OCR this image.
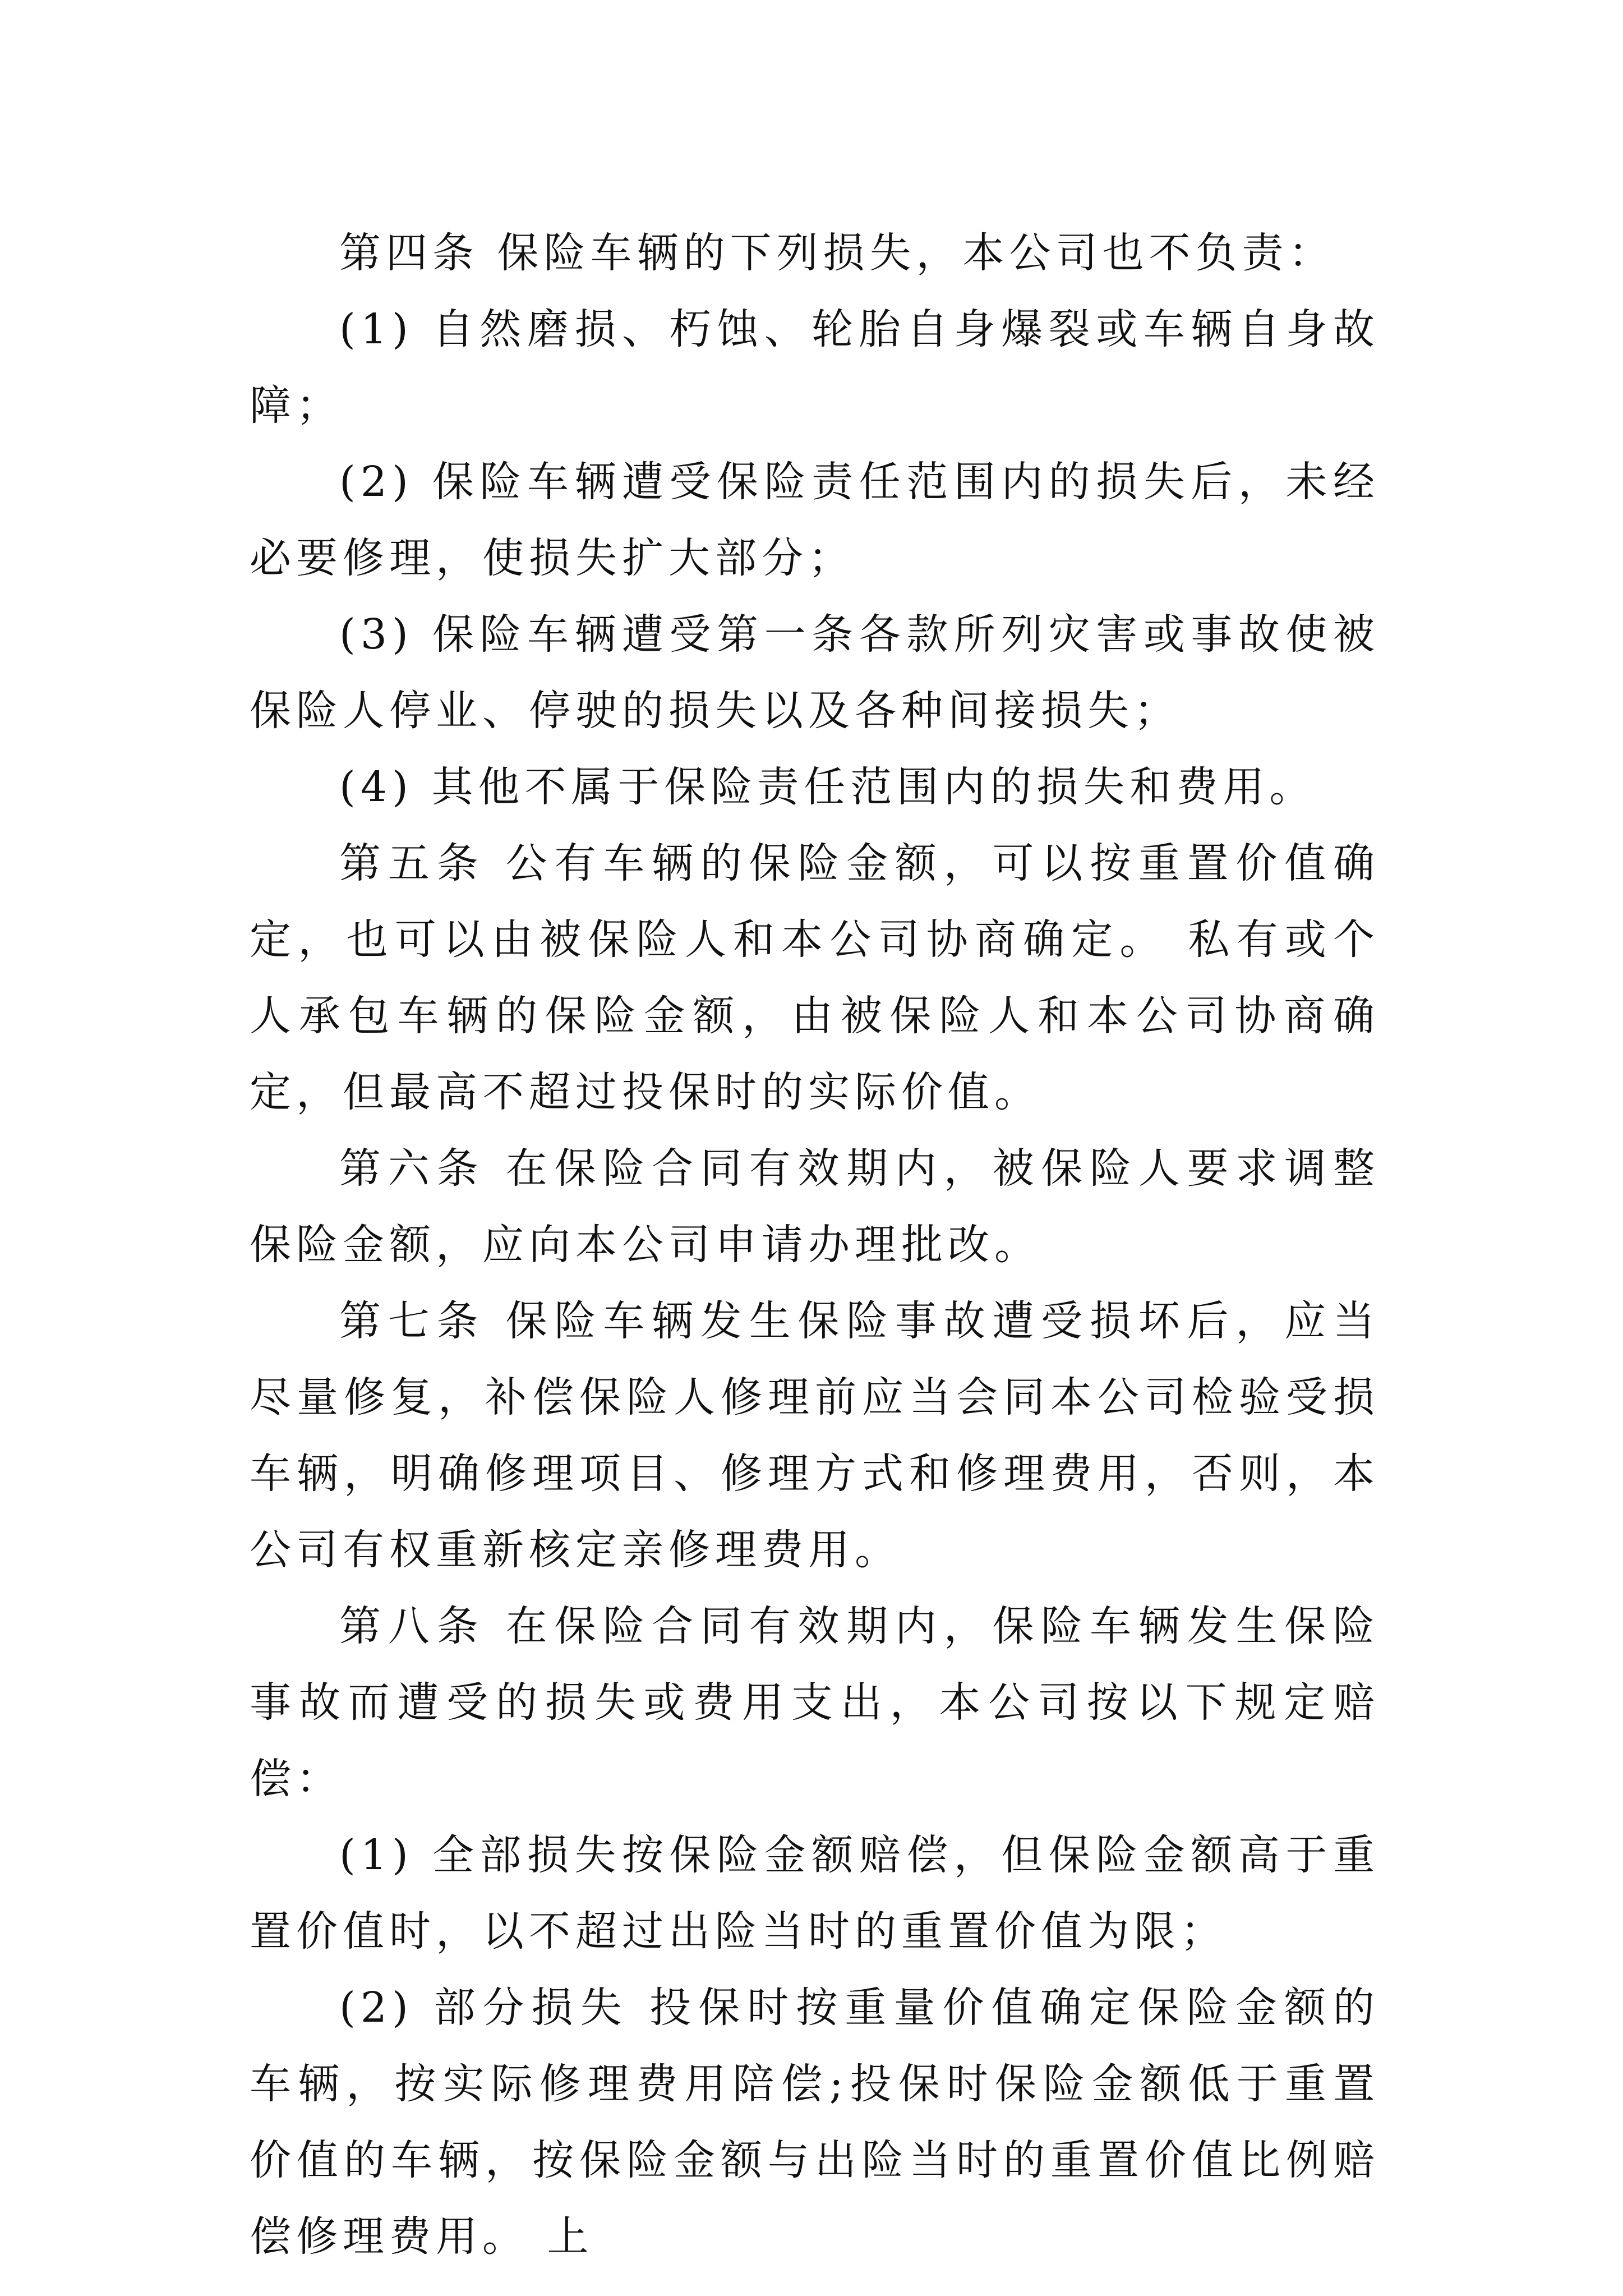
第四条 保险车辆的下列损失，本公司也不负责：

(1) 自然磨损、朽蚀、轮胎自身爆裂或车辆自身故障；

(2) 保险车辆遭受保险责任范围内的损失后，未经必要修理，使损失扩大部分；

(3) 保险车辆遭受第一条各款所列灾害或事故使被保险人停业、停驶的损失以及各种间接损失；

(4) 其他不属于保险责任范围内的损失和费用。

第五条 公有车辆的保险金额，可以按重置价值确定，也可以由被保险人和本公司协商确定。 私有或个人承包车辆的保险金额，由被保险人和本公司协商确定，但最高不超过投保时的实际价值。

第六条 在保险合同有效期内，被保险人要求调整保险金额，应向本公司申请办理批改。

第七条 保险车辆发生保险事故遭受损坏后，应当尽量修复，补偿保险人修理前应当会同本公司检验受损车辆，明确修理项目、修理方式和修理费用，否则，本公司有权重新核定亲修理费用。

第八条 在保险合同有效期内，保险车辆发生保险事故而遭受的损失或费用支出，本公司按以下规定赔偿：

(1) 全部损失按保险金额赔偿，但保险金额高于重置价值时，以不超过出险当时的重置价值为限；

(2) 部分损失 投保时按重量价值确定保险金额的车辆，按实际修理费用陪偿;投保时保险金额低于重置价值的车辆，按保险金额与出险当时的重置价值比例赔偿修理费用。 上
